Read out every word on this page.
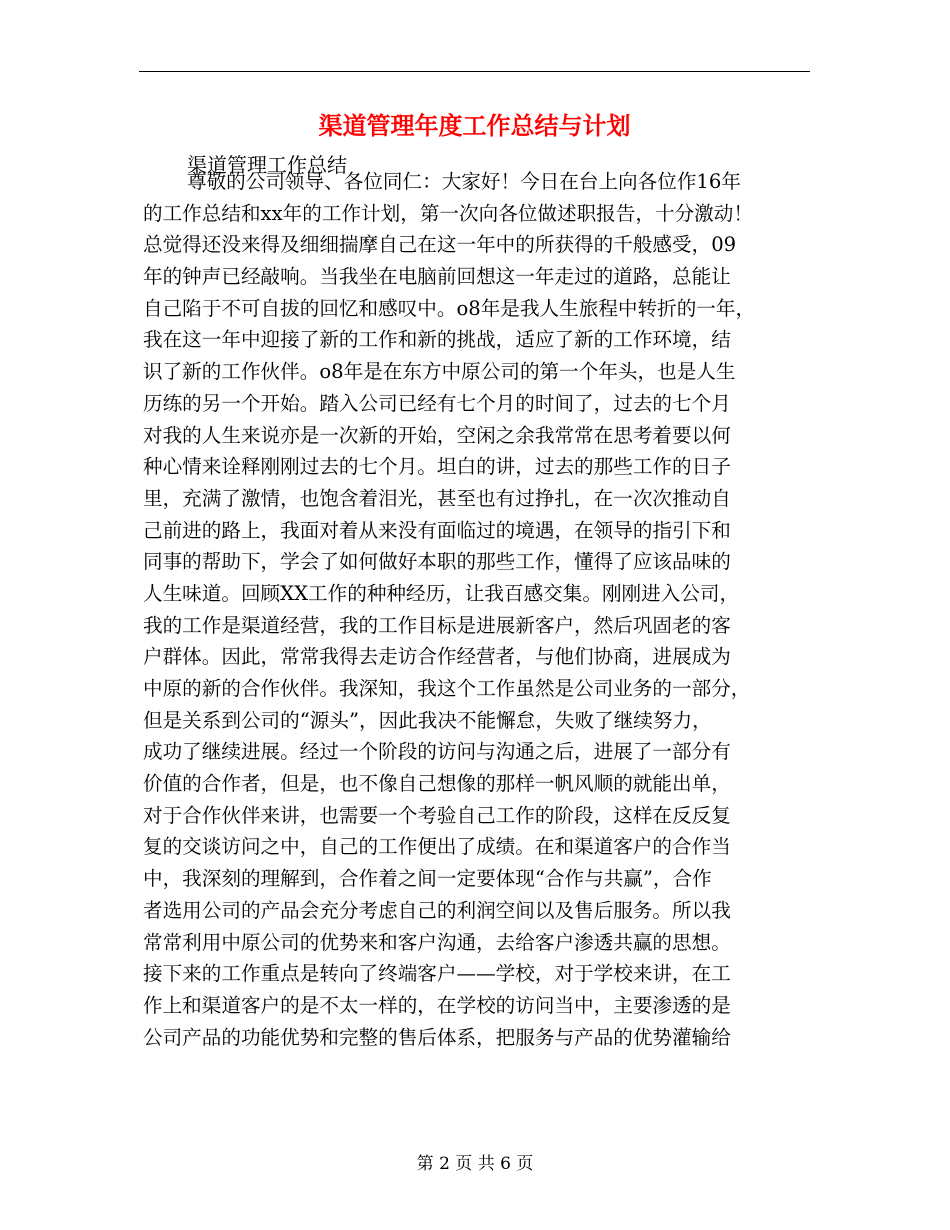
渠道管理年度工作总结与计划

渠道管理工作总结

尊敬的公司领导、各位同仁：大家好！今日在台上向各位作16年
的工作总结和xx年的工作计划，第一次向各位做述职报告，十分激动！
总觉得还没来得及细细揣摩自己在这一年中的所获得的千般感受，09
年的钟声已经敲响。当我坐在电脑前回想这一年走过的道路，总能让
自己陷于不可自拔的回忆和感叹中。o8年是我人生旅程中转折的一年，
我在这一年中迎接了新的工作和新的挑战，适应了新的工作环境，结
识了新的工作伙伴。o8年是在东方中原公司的第一个年头，也是人生
历练的另一个开始。踏入公司已经有七个月的时间了，过去的七个月
对我的人生来说亦是一次新的开始，空闲之余我常常在思考着要以何
种心情来诠释刚刚过去的七个月。坦白的讲，过去的那些工作的日子
里，充满了激情，也饱含着泪光，甚至也有过挣扎，在一次次推动自
己前进的路上，我面对着从来没有面临过的境遇，在领导的指引下和
同事的帮助下，学会了如何做好本职的那些工作，懂得了应该品味的
人生味道。回顾XX工作的种种经历，让我百感交集。刚刚进入公司，
我的工作是渠道经营，我的工作目标是进展新客户，然后巩固老的客
户群体。因此，常常我得去走访合作经营者，与他们协商，进展成为
中原的新的合作伙伴。我深知，我这个工作虽然是公司业务的一部分，
但是关系到公司的“源头”，因此我决不能懈怠，失败了继续努力，
成功了继续进展。经过一个阶段的访问与沟通之后，进展了一部分有
价值的合作者，但是，也不像自己想像的那样一帆风顺的就能出单，
对于合作伙伴来讲，也需要一个考验自己工作的阶段，这样在反反复
复的交谈访问之中，自己的工作便出了成绩。在和渠道客户的合作当
中，我深刻的理解到，合作着之间一定要体现“合作与共赢”，合作
者选用公司的产品会充分考虑自己的利润空间以及售后服务。所以我
常常利用中原公司的优势来和客户沟通，去给客户渗透共赢的思想。
接下来的工作重点是转向了终端客户——学校，对于学校来讲，在工
作上和渠道客户的是不太一样的，在学校的访问当中，主要渗透的是
公司产品的功能优势和完整的售后体系，把服务与产品的优势灌输给

第 2 页 共 6 页
